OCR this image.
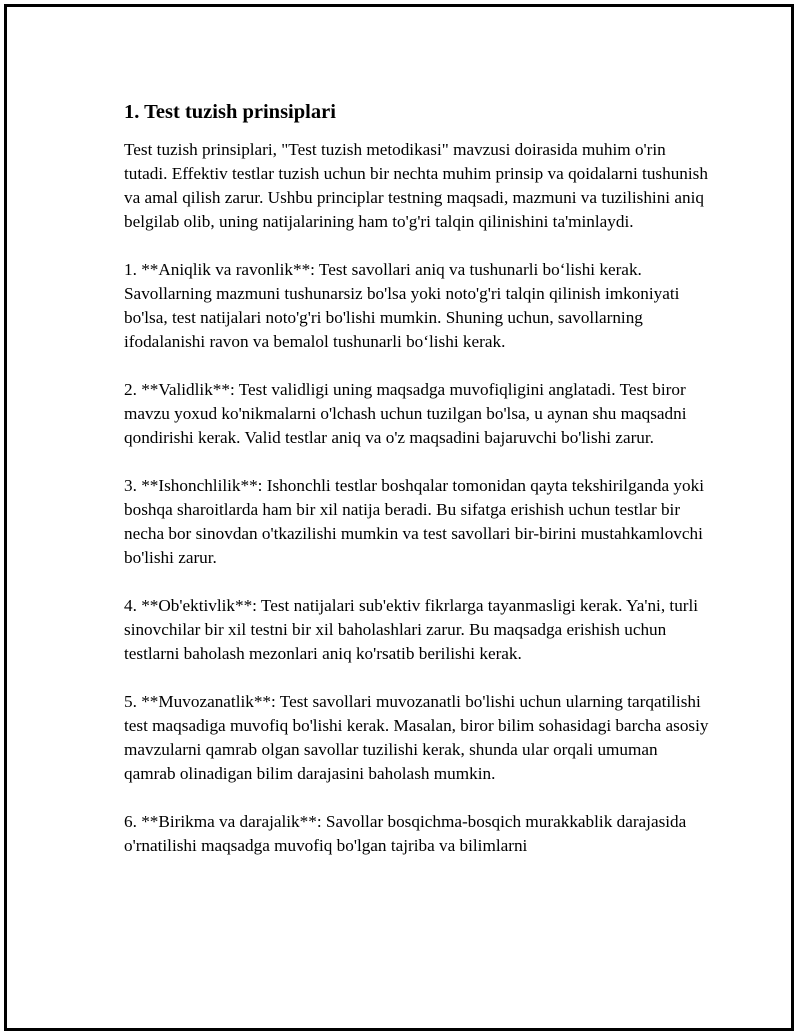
1. Test tuzish prinsiplari

Test tuzish prinsiplari, "Test tuzish metodikasi" mavzusi doirasida muhim o'rin tutadi. Effektiv testlar tuzish uchun bir nechta muhim prinsip va qoidalarni tushunish va amal qilish zarur. Ushbu principlar testning maqsadi, mazmuni va tuzilishini aniq belgilab olib, uning natijalarining ham to'g'ri talqin qilinishini ta'minlaydi.

1. **Aniqlik va ravonlik**: Test savollari aniq va tushunarli bo‘lishi kerak. Savollarning mazmuni tushunarsiz bo'lsa yoki noto'g'ri talqin qilinish imkoniyati bo'lsa, test natijalari noto'g'ri bo'lishi mumkin. Shuning uchun, savollarning ifodalanishi ravon va bemalol tushunarli bo‘lishi kerak.

2. **Validlik**: Test validligi uning maqsadga muvofiqligini anglatadi. Test biror mavzu yoxud ko'nikmalarni o'lchash uchun tuzilgan bo'lsa, u aynan shu maqsadni qondirishi kerak. Valid testlar aniq va o'z maqsadini bajaruvchi bo'lishi zarur.

3. **Ishonchlilik**: Ishonchli testlar boshqalar tomonidan qayta tekshirilganda yoki boshqa sharoitlarda ham bir xil natija beradi. Bu sifatga erishish uchun testlar bir necha bor sinovdan o'tkazilishi mumkin va test savollari bir-birini mustahkamlovchi bo'lishi zarur.

4. **Ob'ektivlik**: Test natijalari sub'ektiv fikrlarga tayanmasligi kerak. Ya'ni, turli sinovchilar bir xil testni bir xil baholashlari zarur. Bu maqsadga erishish uchun testlarni baholash mezonlari aniq ko'rsatib berilishi kerak.

5. **Muvozanatlik**: Test savollari muvozanatli bo'lishi uchun ularning tarqatilishi test maqsadiga muvofiq bo'lishi kerak. Masalan, biror bilim sohasidagi barcha asosiy mavzularni qamrab olgan savollar tuzilishi kerak, shunda ular orqali umuman qamrab olinadigan bilim darajasini baholash mumkin.

6. **Birikma va darajalik**: Savollar bosqichma-bosqich murakkablik darajasida o'rnatilishi maqsadga muvofiq bo'lgan tajriba va bilimlarni
